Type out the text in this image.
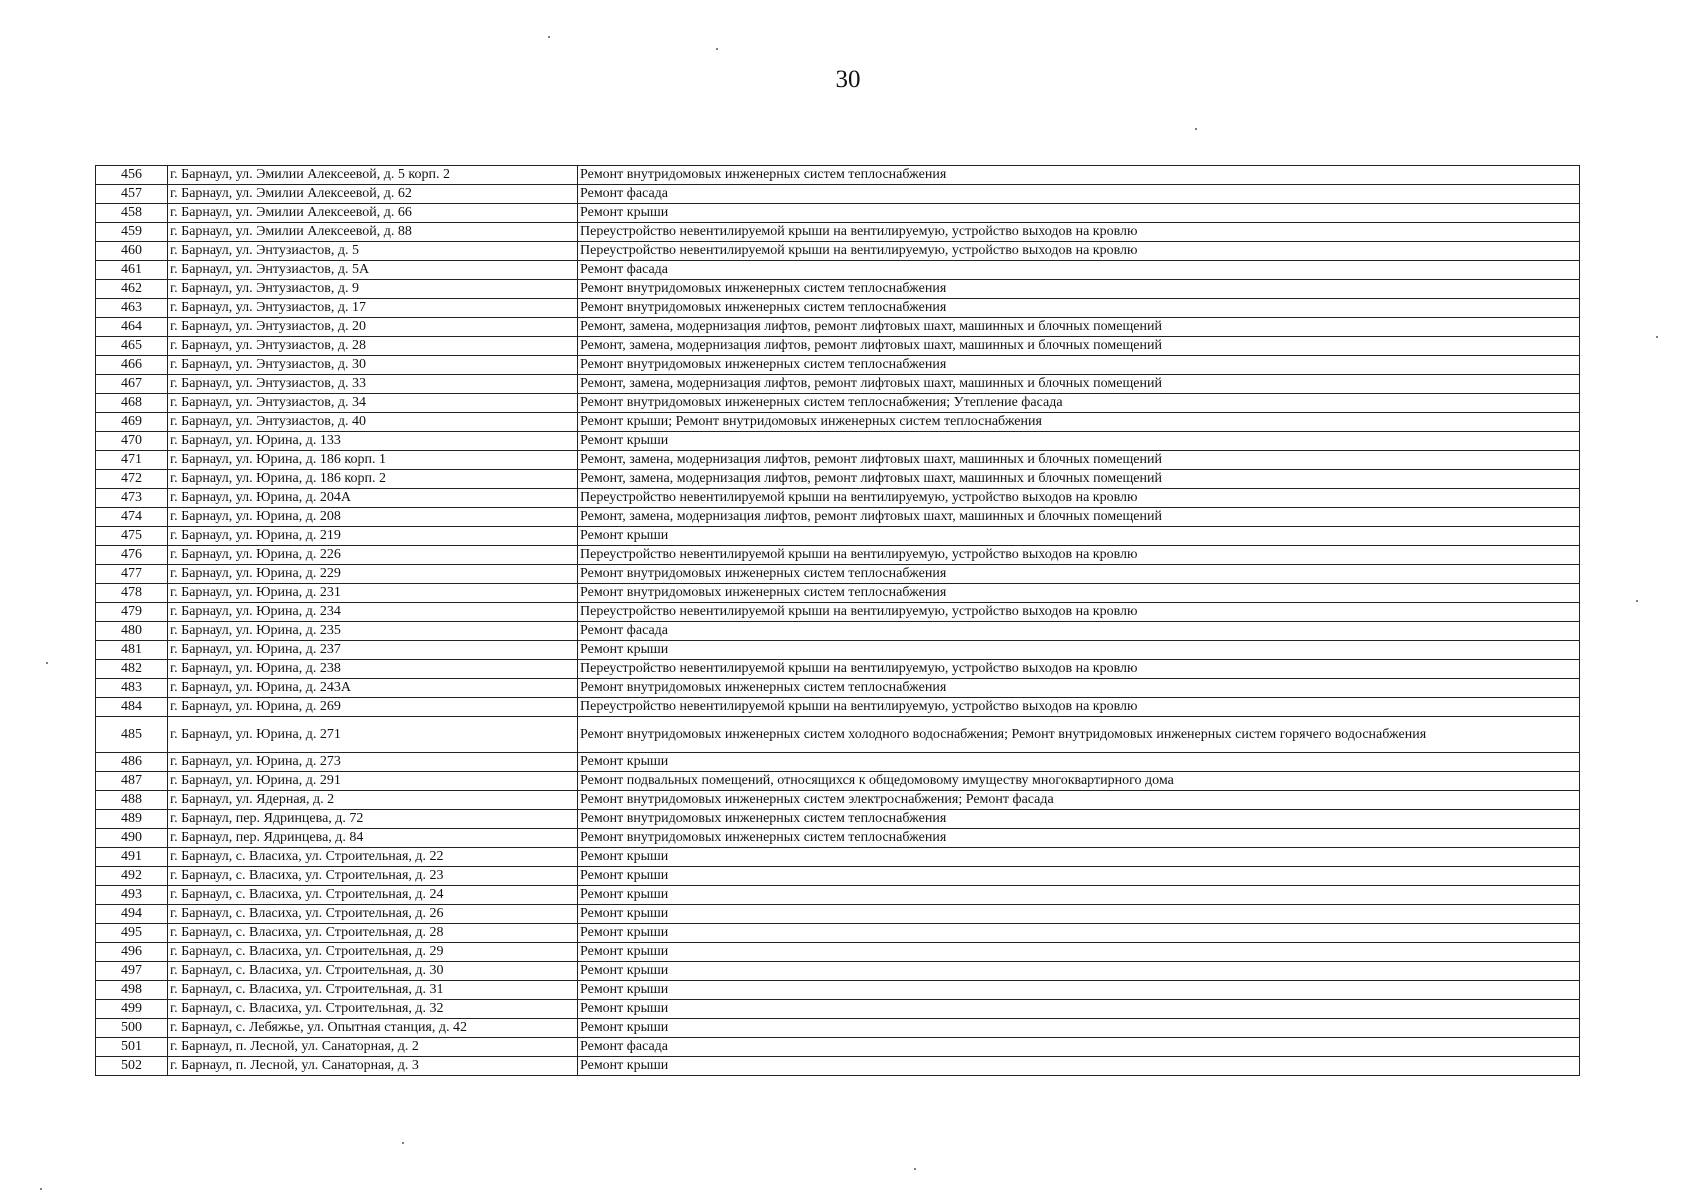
30
456	г. Барнаул, ул. Эмилии Алексеевой, д. 5 корп. 2	Ремонт внутридомовых инженерных систем теплоснабжения
457	г. Барнаул, ул. Эмилии Алексеевой, д. 62	Ремонт фасада
458	г. Барнаул, ул. Эмилии Алексеевой, д. 66	Ремонт крыши
459	г. Барнаул, ул. Эмилии Алексеевой, д. 88	Переустройство невентилируемой крыши на вентилируемую, устройство выходов на кровлю
460	г. Барнаул, ул. Энтузиастов, д. 5	Переустройство невентилируемой крыши на вентилируемую, устройство выходов на кровлю
461	г. Барнаул, ул. Энтузиастов, д. 5А	Ремонт фасада
462	г. Барнаул, ул. Энтузиастов, д. 9	Ремонт внутридомовых инженерных систем теплоснабжения
463	г. Барнаул, ул. Энтузиастов, д. 17	Ремонт внутридомовых инженерных систем теплоснабжения
464	г. Барнаул, ул. Энтузиастов, д. 20	Ремонт, замена, модернизация лифтов, ремонт лифтовых шахт, машинных и блочных помещений
465	г. Барнаул, ул. Энтузиастов, д. 28	Ремонт, замена, модернизация лифтов, ремонт лифтовых шахт, машинных и блочных помещений
466	г. Барнаул, ул. Энтузиастов, д. 30	Ремонт внутридомовых инженерных систем теплоснабжения
467	г. Барнаул, ул. Энтузиастов, д. 33	Ремонт, замена, модернизация лифтов, ремонт лифтовых шахт, машинных и блочных помещений
468	г. Барнаул, ул. Энтузиастов, д. 34	Ремонт внутридомовых инженерных систем теплоснабжения; Утепление фасада
469	г. Барнаул, ул. Энтузиастов, д. 40	Ремонт крыши; Ремонт внутридомовых инженерных систем теплоснабжения
470	г. Барнаул, ул. Юрина, д. 133	Ремонт крыши
471	г. Барнаул, ул. Юрина, д. 186 корп. 1	Ремонт, замена, модернизация лифтов, ремонт лифтовых шахт, машинных и блочных помещений
472	г. Барнаул, ул. Юрина, д. 186 корп. 2	Ремонт, замена, модернизация лифтов, ремонт лифтовых шахт, машинных и блочных помещений
473	г. Барнаул, ул. Юрина, д. 204А	Переустройство невентилируемой крыши на вентилируемую, устройство выходов на кровлю
474	г. Барнаул, ул. Юрина, д. 208	Ремонт, замена, модернизация лифтов, ремонт лифтовых шахт, машинных и блочных помещений
475	г. Барнаул, ул. Юрина, д. 219	Ремонт крыши
476	г. Барнаул, ул. Юрина, д. 226	Переустройство невентилируемой крыши на вентилируемую, устройство выходов на кровлю
477	г. Барнаул, ул. Юрина, д. 229	Ремонт внутридомовых инженерных систем теплоснабжения
478	г. Барнаул, ул. Юрина, д. 231	Ремонт внутридомовых инженерных систем теплоснабжения
479	г. Барнаул, ул. Юрина, д. 234	Переустройство невентилируемой крыши на вентилируемую, устройство выходов на кровлю
480	г. Барнаул, ул. Юрина, д. 235	Ремонт фасада
481	г. Барнаул, ул. Юрина, д. 237	Ремонт крыши
482	г. Барнаул, ул. Юрина, д. 238	Переустройство невентилируемой крыши на вентилируемую, устройство выходов на кровлю
483	г. Барнаул, ул. Юрина, д. 243А	Ремонт внутридомовых инженерных систем теплоснабжения
484	г. Барнаул, ул. Юрина, д. 269	Переустройство невентилируемой крыши на вентилируемую, устройство выходов на кровлю
485	г. Барнаул, ул. Юрина, д. 271	Ремонт внутридомовых инженерных систем холодного водоснабжения; Ремонт внутридомовых инженерных систем горячего водоснабжения
486	г. Барнаул, ул. Юрина, д. 273	Ремонт крыши
487	г. Барнаул, ул. Юрина, д. 291	Ремонт подвальных помещений, относящихся к общедомовому имуществу многоквартирного дома
488	г. Барнаул, ул. Ядерная, д. 2	Ремонт внутридомовых инженерных систем электроснабжения; Ремонт фасада
489	г. Барнаул, пер. Ядринцева, д. 72	Ремонт внутридомовых инженерных систем теплоснабжения
490	г. Барнаул, пер. Ядринцева, д. 84	Ремонт внутридомовых инженерных систем теплоснабжения
491	г. Барнаул, с. Власиха, ул. Строительная, д. 22	Ремонт крыши
492	г. Барнаул, с. Власиха, ул. Строительная, д. 23	Ремонт крыши
493	г. Барнаул, с. Власиха, ул. Строительная, д. 24	Ремонт крыши
494	г. Барнаул, с. Власиха, ул. Строительная, д. 26	Ремонт крыши
495	г. Барнаул, с. Власиха, ул. Строительная, д. 28	Ремонт крыши
496	г. Барнаул, с. Власиха, ул. Строительная, д. 29	Ремонт крыши
497	г. Барнаул, с. Власиха, ул. Строительная, д. 30	Ремонт крыши
498	г. Барнаул, с. Власиха, ул. Строительная, д. 31	Ремонт крыши
499	г. Барнаул, с. Власиха, ул. Строительная, д. 32	Ремонт крыши
500	г. Барнаул, с. Лебяжье, ул. Опытная станция, д. 42	Ремонт крыши
501	г. Барнаул, п. Лесной, ул. Санаторная, д. 2	Ремонт фасада
502	г. Барнаул, п. Лесной, ул. Санаторная, д. 3	Ремонт крыши
